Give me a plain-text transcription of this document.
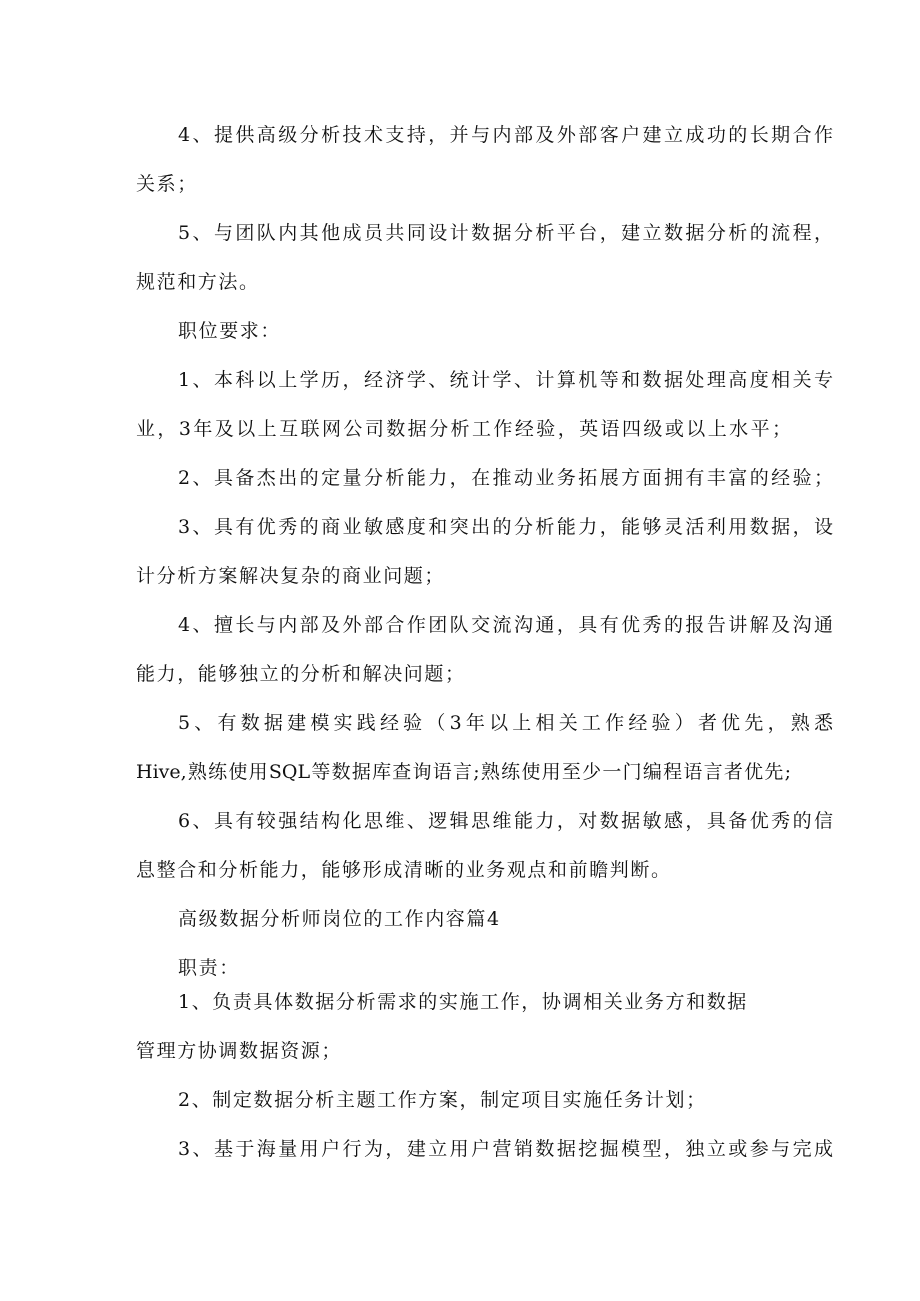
4、提供高级分析技术支持，并与内部及外部客户建立成功的长期合作
关系；
5、与团队内其他成员共同设计数据分析平台，建立数据分析的流程，
规范和方法。
职位要求：
1、本科以上学历，经济学、统计学、计算机等和数据处理高度相关专
业，3年及以上互联网公司数据分析工作经验，英语四级或以上水平；
2、具备杰出的定量分析能力，在推动业务拓展方面拥有丰富的经验；
3、具有优秀的商业敏感度和突出的分析能力，能够灵活利用数据，设
计分析方案解决复杂的商业问题；
4、擅长与内部及外部合作团队交流沟通，具有优秀的报告讲解及沟通
能力，能够独立的分析和解决问题；
5、有数据建模实践经验（3年以上相关工作经验）者优先，熟悉
Hive,熟练使用SQL等数据库查询语言;熟练使用至少一门编程语言者优先;
6、具有较强结构化思维、逻辑思维能力，对数据敏感，具备优秀的信
息整合和分析能力，能够形成清晰的业务观点和前瞻判断。
高级数据分析师岗位的工作内容篇4
职责：
1、负责具体数据分析需求的实施工作，协调相关业务方和数据
管理方协调数据资源；
2、制定数据分析主题工作方案，制定项目实施任务计划；
3、基于海量用户行为，建立用户营销数据挖掘模型，独立或参与完成
